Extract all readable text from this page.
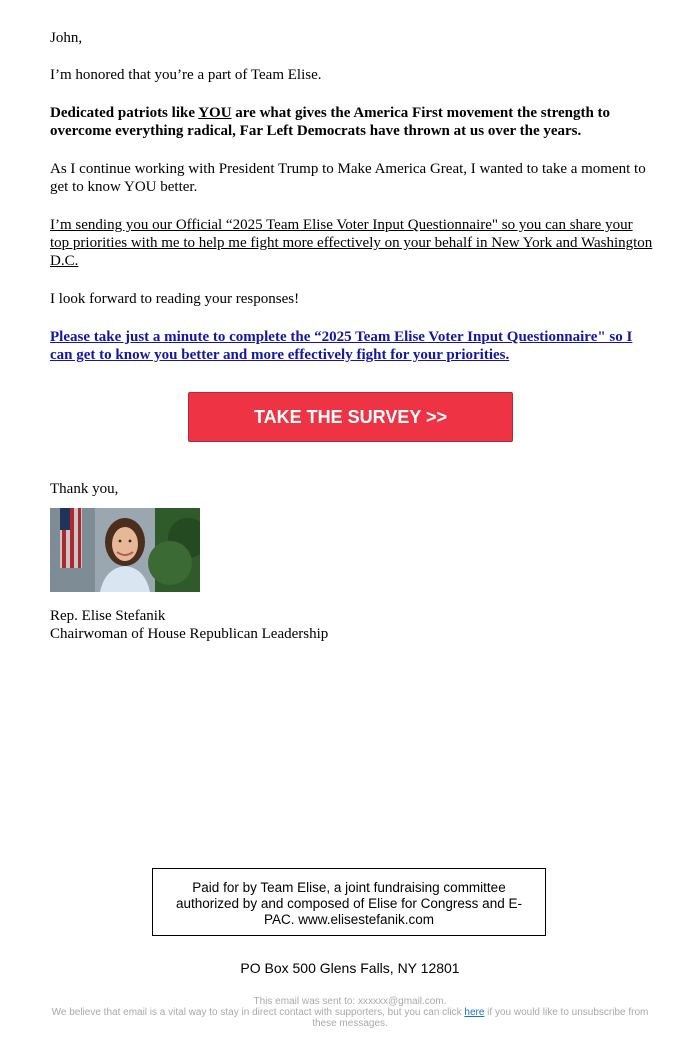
John,

I’m honored that you’re a part of Team Elise.

Dedicated patriots like YOU are what gives the America First movement the strength to overcome everything radical, Far Left Democrats have thrown at us over the years.

As I continue working with President Trump to Make America Great, I wanted to take a moment to get to know YOU better.

I’m sending you our Official “2025 Team Elise Voter Input Questionnaire" so you can share your top priorities with me to help me fight more effectively on your behalf in New York and Washington D.C.

I look forward to reading your responses!

Please take just a minute to complete the “2025 Team Elise Voter Input Questionnaire" so I can get to know you better and more effectively fight for your priorities.

TAKE THE SURVEY >>

Thank you,

Rep. Elise Stefanik

Chairwoman of House Republican Leadership

Paid for by Team Elise, a joint fundraising committee authorized by and composed of Elise for Congress and E-PAC. www.elisestefanik.com
PO Box 500 Glens Falls, NY 12801
This email was sent to: xxxxxx@gmail.com.
We believe that email is a vital way to stay in direct contact with supporters, but you can click here if you would like to unsubscribe from these messages.
